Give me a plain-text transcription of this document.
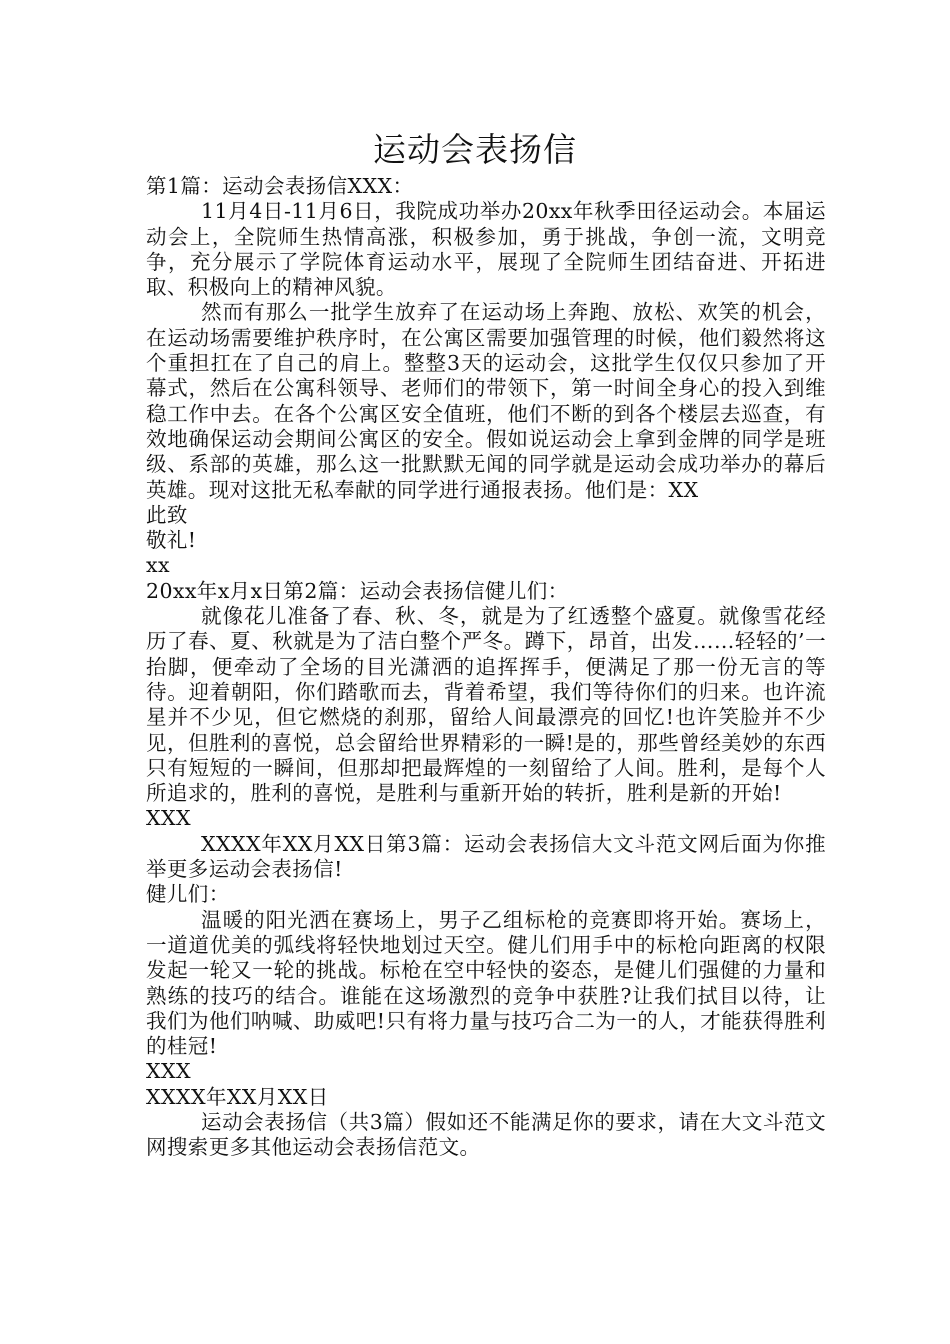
运动会表扬信

第1篇：运动会表扬信XXX：

11月4日-11月6日，我院成功举办20xx年秋季田径运动会。本届运动会上，全院师生热情高涨，积极参加，勇于挑战，争创一流，文明竞争，充分展示了学院体育运动水平，展现了全院师生团结奋进、开拓进取、积极向上的精神风貌。

然而有那么一批学生放弃了在运动场上奔跑、放松、欢笑的机会，在运动场需要维护秩序时，在公寓区需要加强管理的时候，他们毅然将这个重担扛在了自己的肩上。整整3天的运动会，这批学生仅仅只参加了开幕式，然后在公寓科领导、老师们的带领下，第一时间全身心的投入到维稳工作中去。在各个公寓区安全值班，他们不断的到各个楼层去巡查，有效地确保运动会期间公寓区的安全。假如说运动会上拿到金牌的同学是班级、系部的英雄，那么这一批默默无闻的同学就是运动会成功举办的幕后英雄。现对这批无私奉献的同学进行通报表扬。他们是：XX

此致

敬礼!

xx

20xx年x月x日第2篇：运动会表扬信健儿们：

就像花儿准备了春、秋、冬，就是为了红透整个盛夏。就像雪花经历了春、夏、秋就是为了洁白整个严冬。蹲下，昂首，出发……轻轻的’一抬脚，便牵动了全场的目光潇洒的追挥挥手，便满足了那一份无言的等待。迎着朝阳，你们踏歌而去，背着希望，我们等待你们的归来。也许流星并不少见，但它燃烧的刹那，留给人间最漂亮的回忆!也许笑脸并不少见，但胜利的喜悦，总会留给世界精彩的一瞬!是的，那些曾经美妙的东西只有短短的一瞬间，但那却把最辉煌的一刻留给了人间。胜利，是每个人所追求的，胜利的喜悦，是胜利与重新开始的转折，胜利是新的开始!

XXX

XXXX年XX月XX日第3篇：运动会表扬信大文斗范文网后面为你推举更多运动会表扬信!

健儿们：

温暖的阳光洒在赛场上，男子乙组标枪的竞赛即将开始。赛场上，一道道优美的弧线将轻快地划过天空。健儿们用手中的标枪向距离的权限发起一轮又一轮的挑战。标枪在空中轻快的姿态，是健儿们强健的力量和熟练的技巧的结合。谁能在这场激烈的竞争中获胜?让我们拭目以待，让我们为他们呐喊、助威吧!只有将力量与技巧合二为一的人，才能获得胜利的桂冠!

XXX

XXXX年XX月XX日

运动会表扬信（共3篇）假如还不能满足你的要求，请在大文斗范文网搜索更多其他运动会表扬信范文。
